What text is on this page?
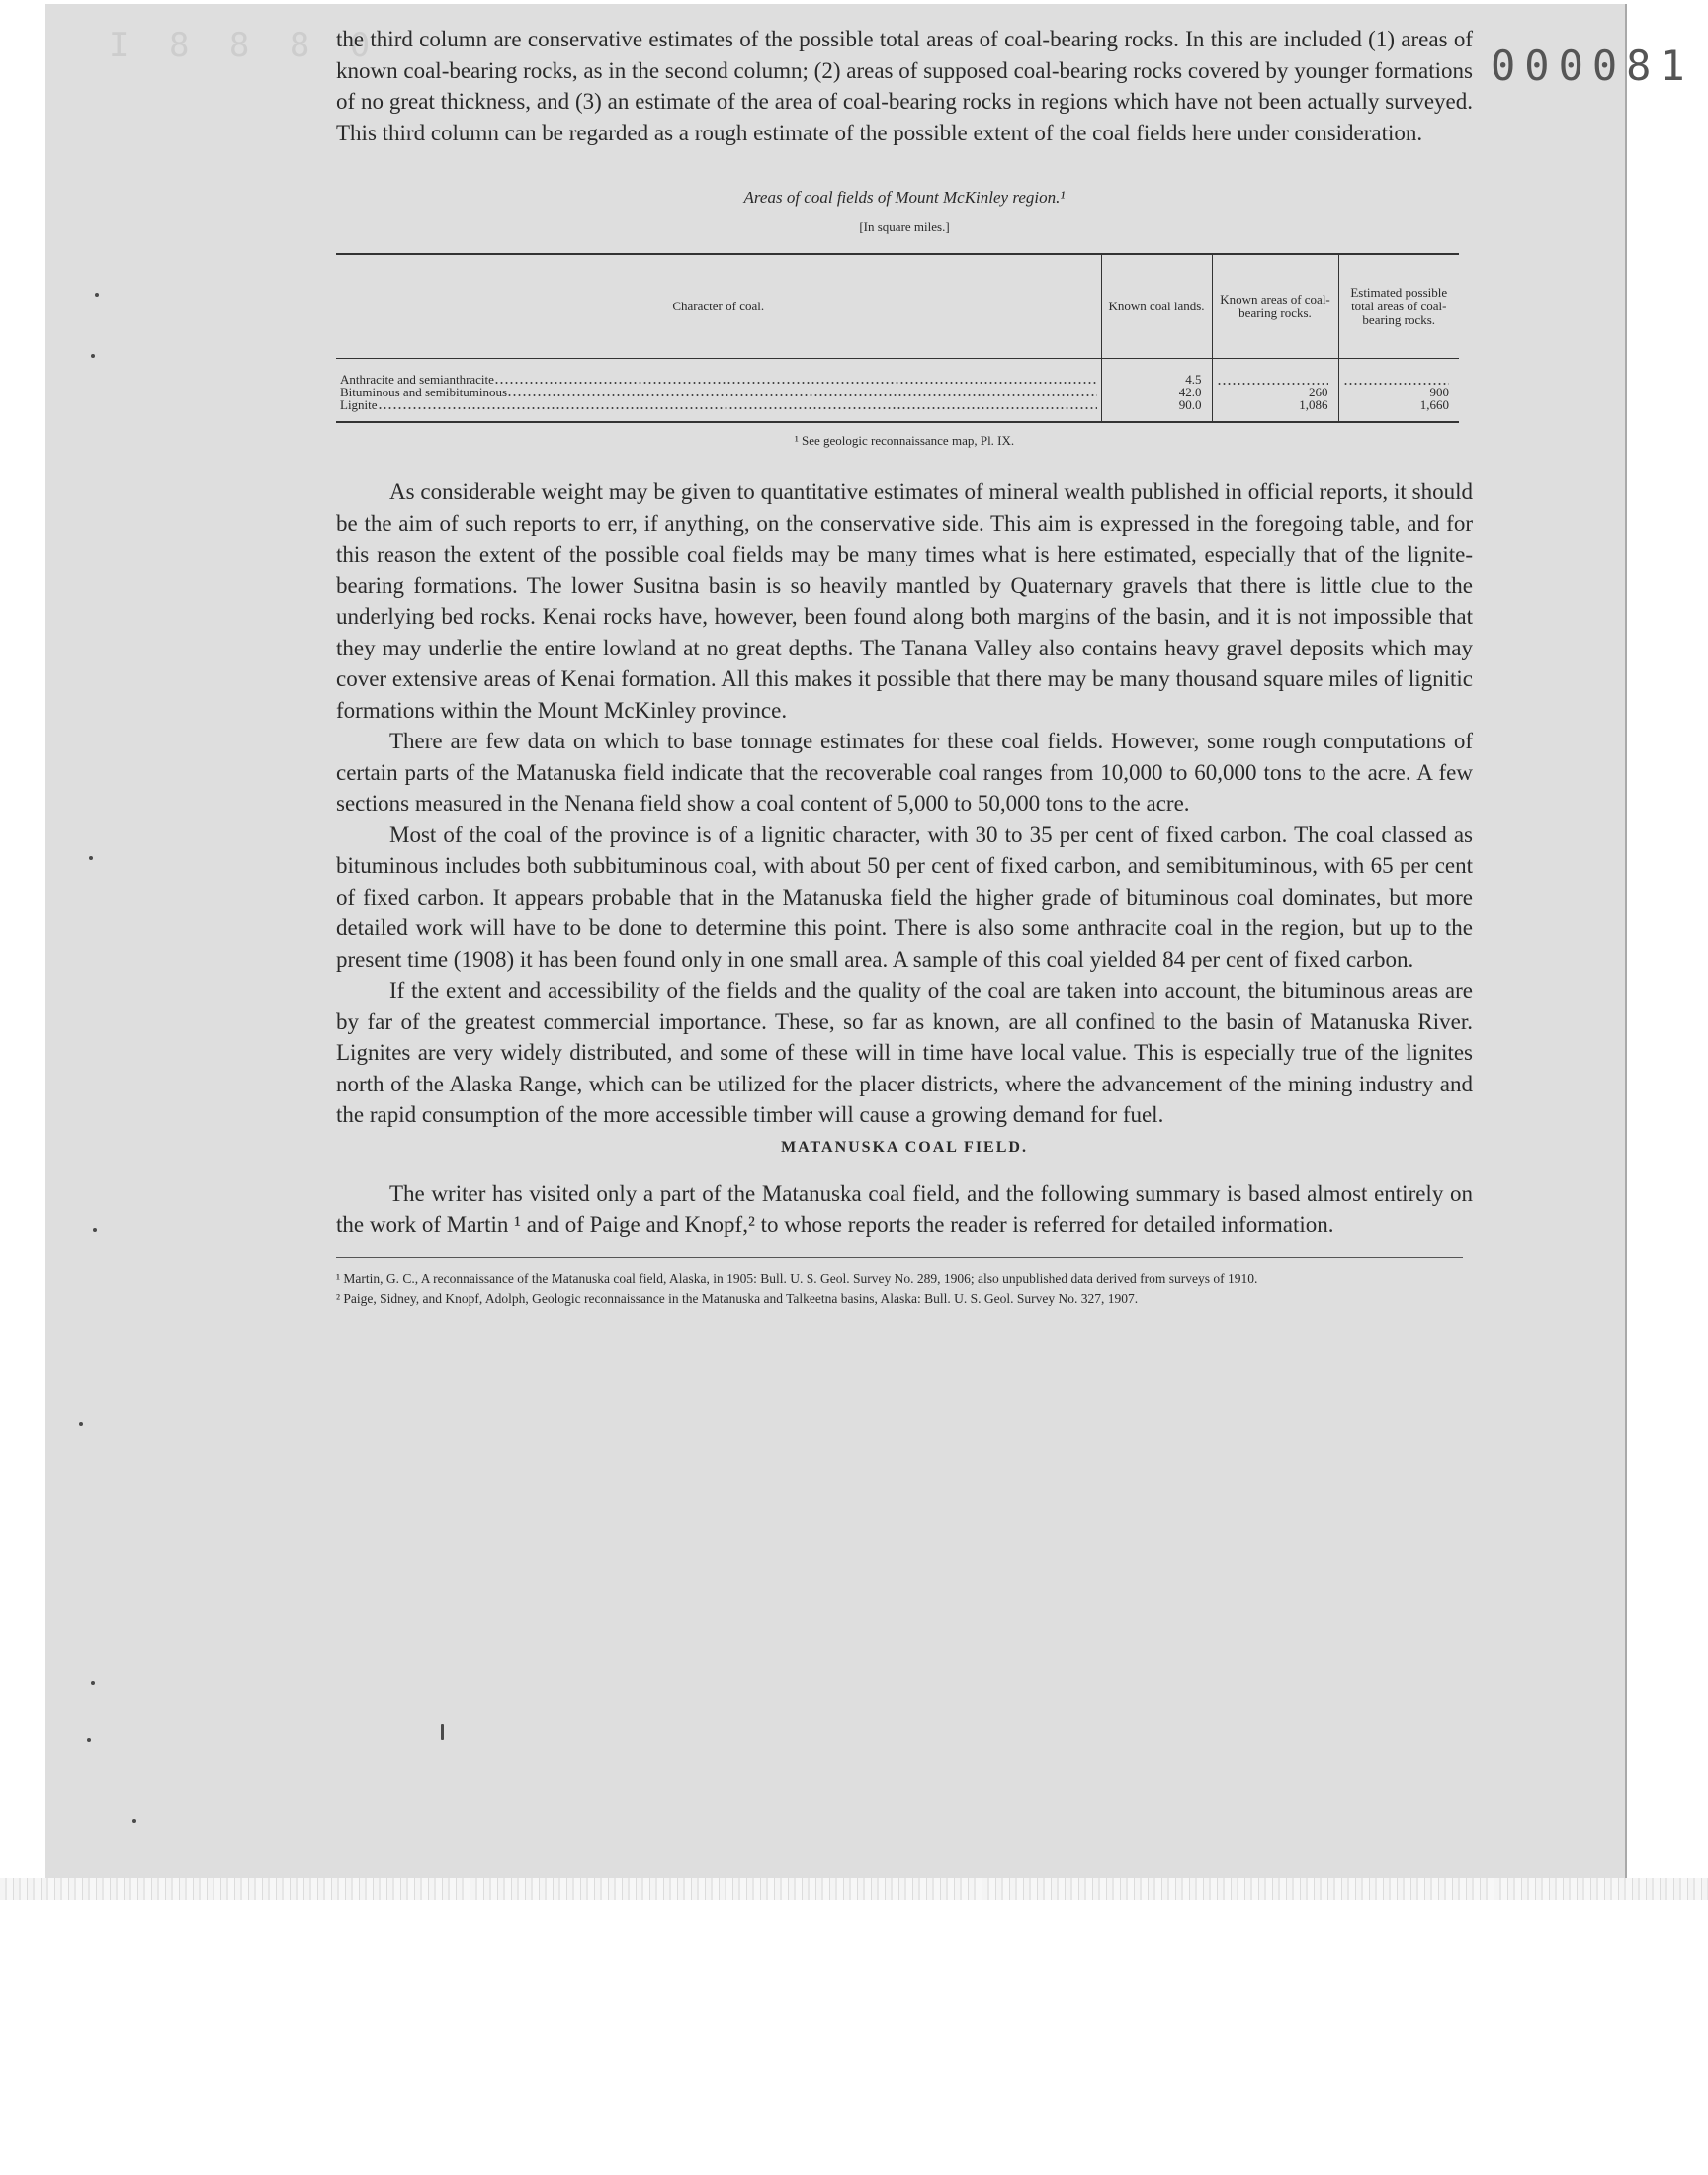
I 8 8 8 0	000081

the third column are conservative estimates of the possible total areas of coal-bearing rocks. In this are included (1) areas of known coal-bearing rocks, as in the second column; (2) areas of supposed coal-bearing rocks covered by younger formations of no great thickness, and (3) an estimate of the area of coal-bearing rocks in regions which have not been actually surveyed. This third column can be regarded as a rough estimate of the possible extent of the coal fields here under consideration.

Areas of coal fields of Mount McKinley region.¹
[In square miles.]
Character of coal.	Known coal lands.	Known areas of coal-bearing rocks.	Estimated possible total areas of coal-bearing rocks.

Anthracite and semianthracite	4.5	

Bituminous and semibituminous	42.0	260	900

Lignite	90.0	1,086	1,660
¹ See geologic reconnaissance map, Pl. IX.

As considerable weight may be given to quantitative estimates of mineral wealth published in official reports, it should be the aim of such reports to err, if anything, on the conservative side. This aim is expressed in the foregoing table, and for this reason the extent of the possible coal fields may be many times what is here estimated, especially that of the lignite-bearing formations. The lower Susitna basin is so heavily mantled by Quaternary gravels that there is little clue to the underlying bed rocks. Kenai rocks have, however, been found along both margins of the basin, and it is not impossible that they may underlie the entire lowland at no great depths. The Tanana Valley also contains heavy gravel deposits which may cover extensive areas of Kenai formation. All this makes it possible that there may be many thousand square miles of lignitic formations within the Mount McKinley province.

There are few data on which to base tonnage estimates for these coal fields. However, some rough computations of certain parts of the Matanuska field indicate that the recoverable coal ranges from 10,000 to 60,000 tons to the acre. A few sections measured in the Nenana field show a coal content of 5,000 to 50,000 tons to the acre.

Most of the coal of the province is of a lignitic character, with 30 to 35 per cent of fixed carbon. The coal classed as bituminous includes both subbituminous coal, with about 50 per cent of fixed carbon, and semibituminous, with 65 per cent of fixed carbon. It appears probable that in the Matanuska field the higher grade of bituminous coal dominates, but more detailed work will have to be done to determine this point. There is also some anthracite coal in the region, but up to the present time (1908) it has been found only in one small area. A sample of this coal yielded 84 per cent of fixed carbon.

If the extent and accessibility of the fields and the quality of the coal are taken into account, the bituminous areas are by far of the greatest commercial importance. These, so far as known, are all confined to the basin of Matanuska River. Lignites are very widely distributed, and some of these will in time have local value. This is especially true of the lignites north of the Alaska Range, which can be utilized for the placer districts, where the advancement of the mining industry and the rapid consumption of the more accessible timber will cause a growing demand for fuel.

MATANUSKA COAL FIELD.

The writer has visited only a part of the Matanuska coal field, and the following summary is based almost entirely on the work of Martin ¹ and of Paige and Knopf,² to whose reports the reader is referred for detailed information.

¹ Martin, G. C., A reconnaissance of the Matanuska coal field, Alaska, in 1905: Bull. U. S. Geol. Survey No. 289, 1906; also unpublished data derived from surveys of 1910.
² Paige, Sidney, and Knopf, Adolph, Geologic reconnaissance in the Matanuska and Talkeetna basins, Alaska: Bull. U. S. Geol. Survey No. 327, 1907.
